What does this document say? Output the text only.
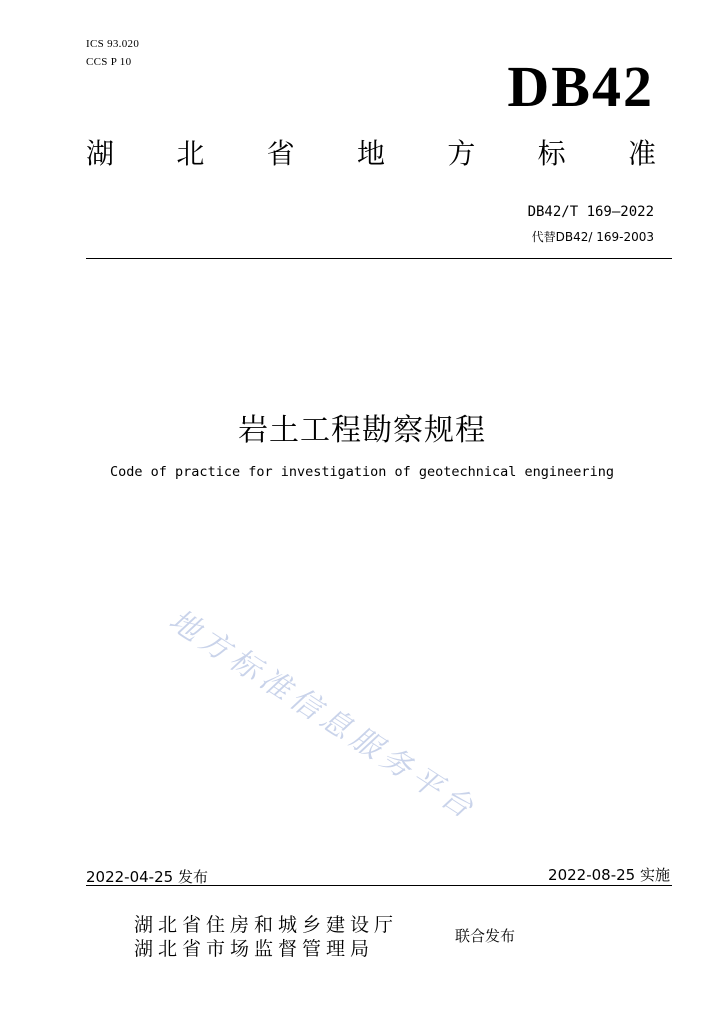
ICS 93.020
CCS P 10	DB42
湖 北 省 地 方 标 准
DB42/T 169—2022
代替DB42/ 169-2003
岩土工程勘察规程
Code of practice for investigation of geotechnical engineering
地方标准信息服务平台
2022-04-25 发布	2022-08-25 实施
湖北省住房和城乡建设厅
湖北省市场监督管理局
联合发布
